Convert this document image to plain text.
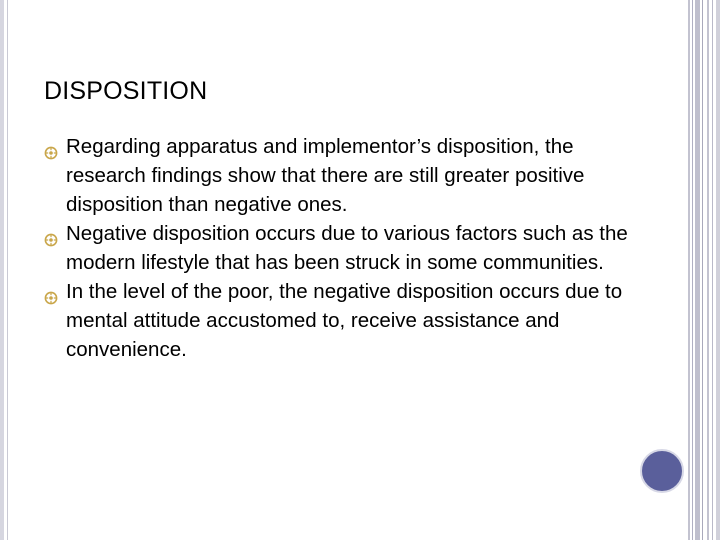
DISPOSITION
Regarding apparatus and implementor’s disposition, the research findings show that there are still greater positive disposition than negative ones.
Negative disposition occurs due to various factors such as the modern lifestyle that has been struck in some communities.
In the level of the poor, the negative disposition occurs due to mental attitude accustomed to, receive assistance and convenience.
